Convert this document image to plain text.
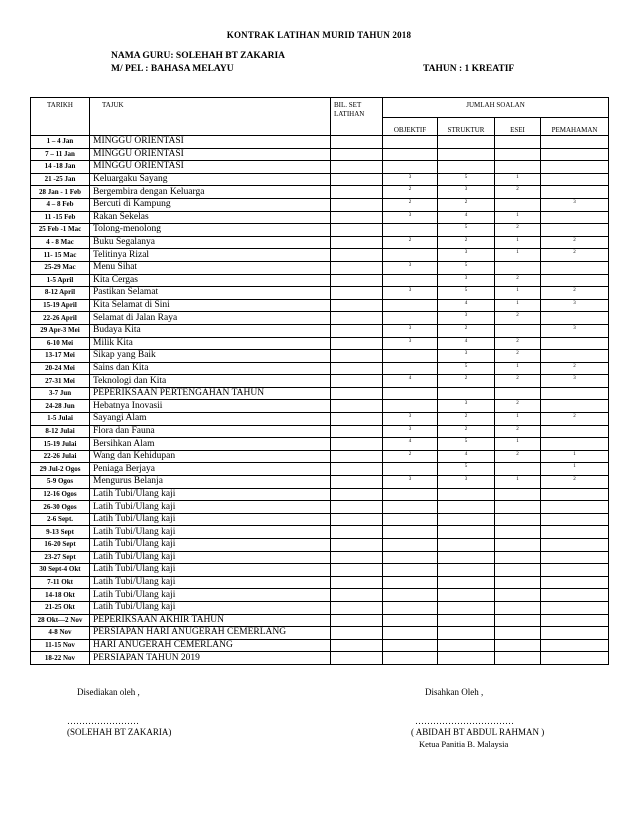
KONTRAK LATIHAN MURID TAHUN 2018
NAMA GURU: SOLEHAH BT ZAKARIA
M/ PEL : BAHASA MELAYU	TAHUN : 1 KREATIF
TARIKH	TAJUK	BIL. SET LATIHAN	JUMLAH SOALAN			
			OBJEKTIF	STRUKTUR	ESEI	PEMAHAMAN
1 – 4 Jan	MINGGU ORIENTASI					
7 – 11 Jan	MINGGU ORIENTASI					
14 -18 Jan	MINGGU ORIENTASI					
21 -25 Jan	Keluargaku Sayang		3	5	1	
28 Jan - 1 Feb	Bergembira dengan Keluarga		2	3	2	
4 – 8 Feb	Bercuti di Kampung		2	2		3
11 -15 Feb	Rakan Sekelas		3	4	1	
25 Feb -1 Mac	Tolong-menolong			5	2	
4 - 8 Mac	Buku Segalanya		2	2	1	2
11- 15 Mac	Telitinya Rizal			3	1	2
25-29 Mac	Menu Sihat		3	5		
1-5 April	Kita Cergas			3	2	
8-12 April	Pastikan Selamat		3	5	1	2
15-19 April	Kita Selamat di Sini			4	1	3
22-26 April	Selamat di Jalan Raya			3	2	
29 Apr-3 Mei	Budaya Kita		3	2		3
6-10 Mei	Milik Kita		3	4	2	
13-17 Mei	Sikap yang Baik			3	2	
20-24 Mei	Sains dan Kita			5	1	2
27-31 Mei	Teknologi dan Kita		4	2	2	3
3-7 Jun	PEPERIKSAAN PERTENGAHAN TAHUN					
24-28 Jun	Hebatnya Inovasii			3	2	
1-5 Julai	Sayangi Alam		3	2	1	2
8-12 Julai	Flora dan Fauna		3	2	2	
15-19 Julai	Bersihkan Alam		4	5	1	
22-26 Julai	Wang dan Kehidupan		2	4	2	1
29 Jul-2 Ogos	Peniaga Berjaya			5		1
5-9 Ogos	Mengurus Belanja		3	3	1	2
12-16 Ogos	Latih Tubi/Ulang kaji					
26-30 Ogos	Latih Tubi/Ulang kaji					
2-6 Sept.	Latih Tubi/Ulang kaji					
9-13 Sept	Latih Tubi/Ulang kaji					
16-20 Sept	Latih Tubi/Ulang kaji					
23-27 Sept	Latih Tubi/Ulang kaji					
30 Sept-4 Okt	Latih Tubi/Ulang kaji					
7-11 Okt	Latih Tubi/Ulang kaji					
14-18 Okt	Latih Tubi/Ulang kaji					
21-25 Okt	Latih Tubi/Ulang kaji					
28 Okt—2 Nov	PEPERIKSAAN AKHIR TAHUN					
4-8 Nov	PERSIAPAN HARI ANUGERAH CEMERLANG					
11-15 Nov	HARI ANUGERAH CEMERLANG					
18-22 Nov	PERSIAPAN TAHUN 2019					
Disediakan oleh ,	Disahkan Oleh ,
……………………	……………………………
(SOLEHAH BT ZAKARIA)	( ABIDAH BT ABDUL RAHMAN )
Ketua Panitia B. Malaysia
